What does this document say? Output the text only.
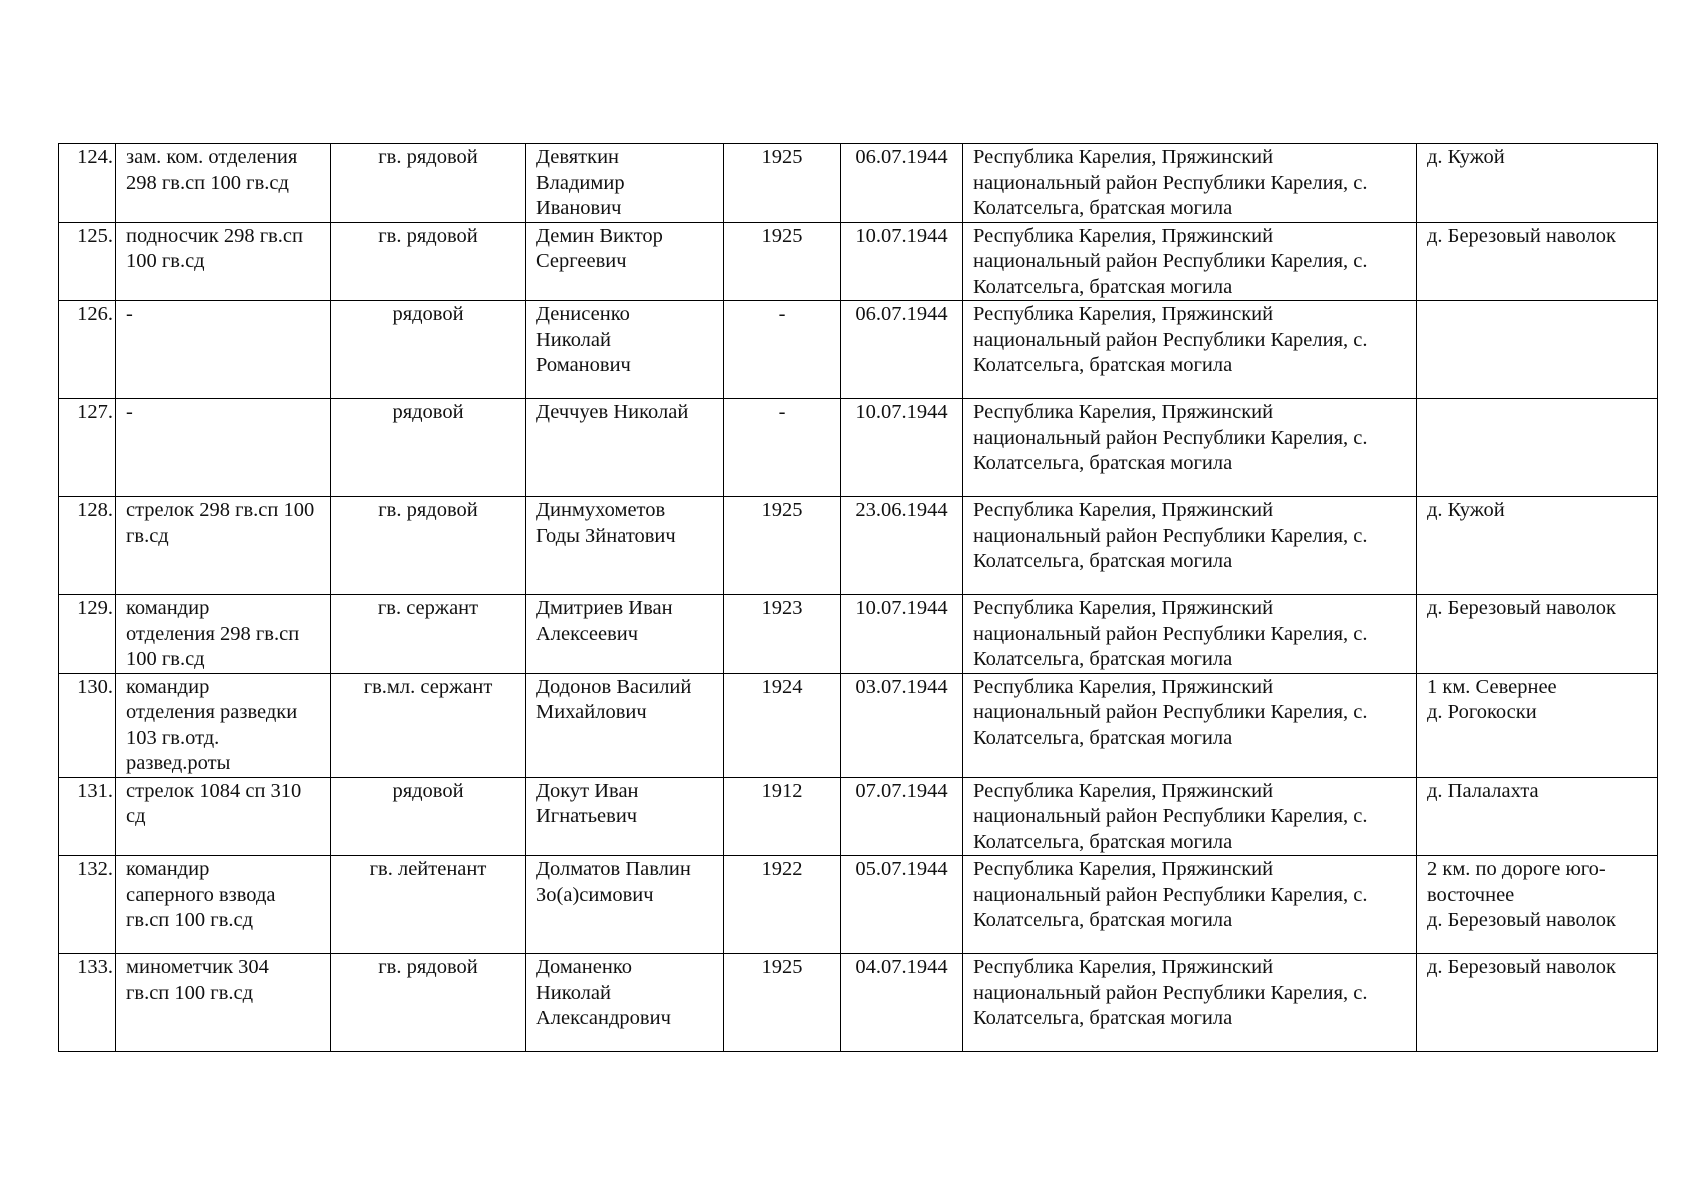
124.	зам. ком. отделения 298 гв.сп 100 гв.сд	гв. рядовой	Девяткин
Владимир
Иванович	1925	06.07.1944	Республика Карелия, Пряжинский национальный район Республики Карелия, с. Колатсельга, братская могила	д. Кужой
125.	подносчик 298 гв.сп 100 гв.сд	гв. рядовой	Демин Виктор Сергеевич	1925	10.07.1944	Республика Карелия, Пряжинский национальный район Республики Карелия, с. Колатсельга, братская могила	д. Березовый наволок
126.	-	рядовой	Денисенко
Николай
Романович	-	06.07.1944	Республика Карелия, Пряжинский национальный район Республики Карелия, с. Колатсельга, братская могила	
127.	-	рядовой	Деччуев Николай	-	10.07.1944	Республика Карелия, Пряжинский национальный район Республики Карелия, с. Колатсельга, братская могила	
128.	стрелок 298 гв.сп 100 гв.сд	гв. рядовой	Динмухометов Годы Зйнатович	1925	23.06.1944	Республика Карелия, Пряжинский национальный район Республики Карелия, с. Колатсельга, братская могила	д. Кужой
129.	командир
отделения 298 гв.сп 100 гв.сд	гв. сержант	Дмитриев Иван Алексеевич	1923	10.07.1944	Республика Карелия, Пряжинский национальный район Республики Карелия, с. Колатсельга, братская могила	д. Березовый наволок
130.	командир
отделения разведки 103 гв.отд.
развед.роты	гв.мл. сержант	Додонов Василий Михайлович	1924	03.07.1944	Республика Карелия, Пряжинский национальный район Республики Карелия, с. Колатсельга, братская могила	1 км. Севернее
д. Рогокоски
131.	стрелок 1084 сп 310 сд	рядовой	Докут Иван Игнатьевич	1912	07.07.1944	Республика Карелия, Пряжинский национальный район Республики Карелия, с. Колатсельга, братская могила	д. Палалахта
132.	командир
саперного взвода гв.сп 100 гв.сд	гв. лейтенант	Долматов Павлин Зо(а)симович	1922	05.07.1944	Республика Карелия, Пряжинский национальный район Республики Карелия, с. Колатсельга, братская могила	2 км. по дороге юго-восточнее
д. Березовый наволок
133.	минометчик 304
гв.сп 100 гв.сд	гв. рядовой	Доманенко
Николай
Александрович	1925	04.07.1944	Республика Карелия, Пряжинский национальный район Республики Карелия, с. Колатсельга, братская могила	д. Березовый наволок
